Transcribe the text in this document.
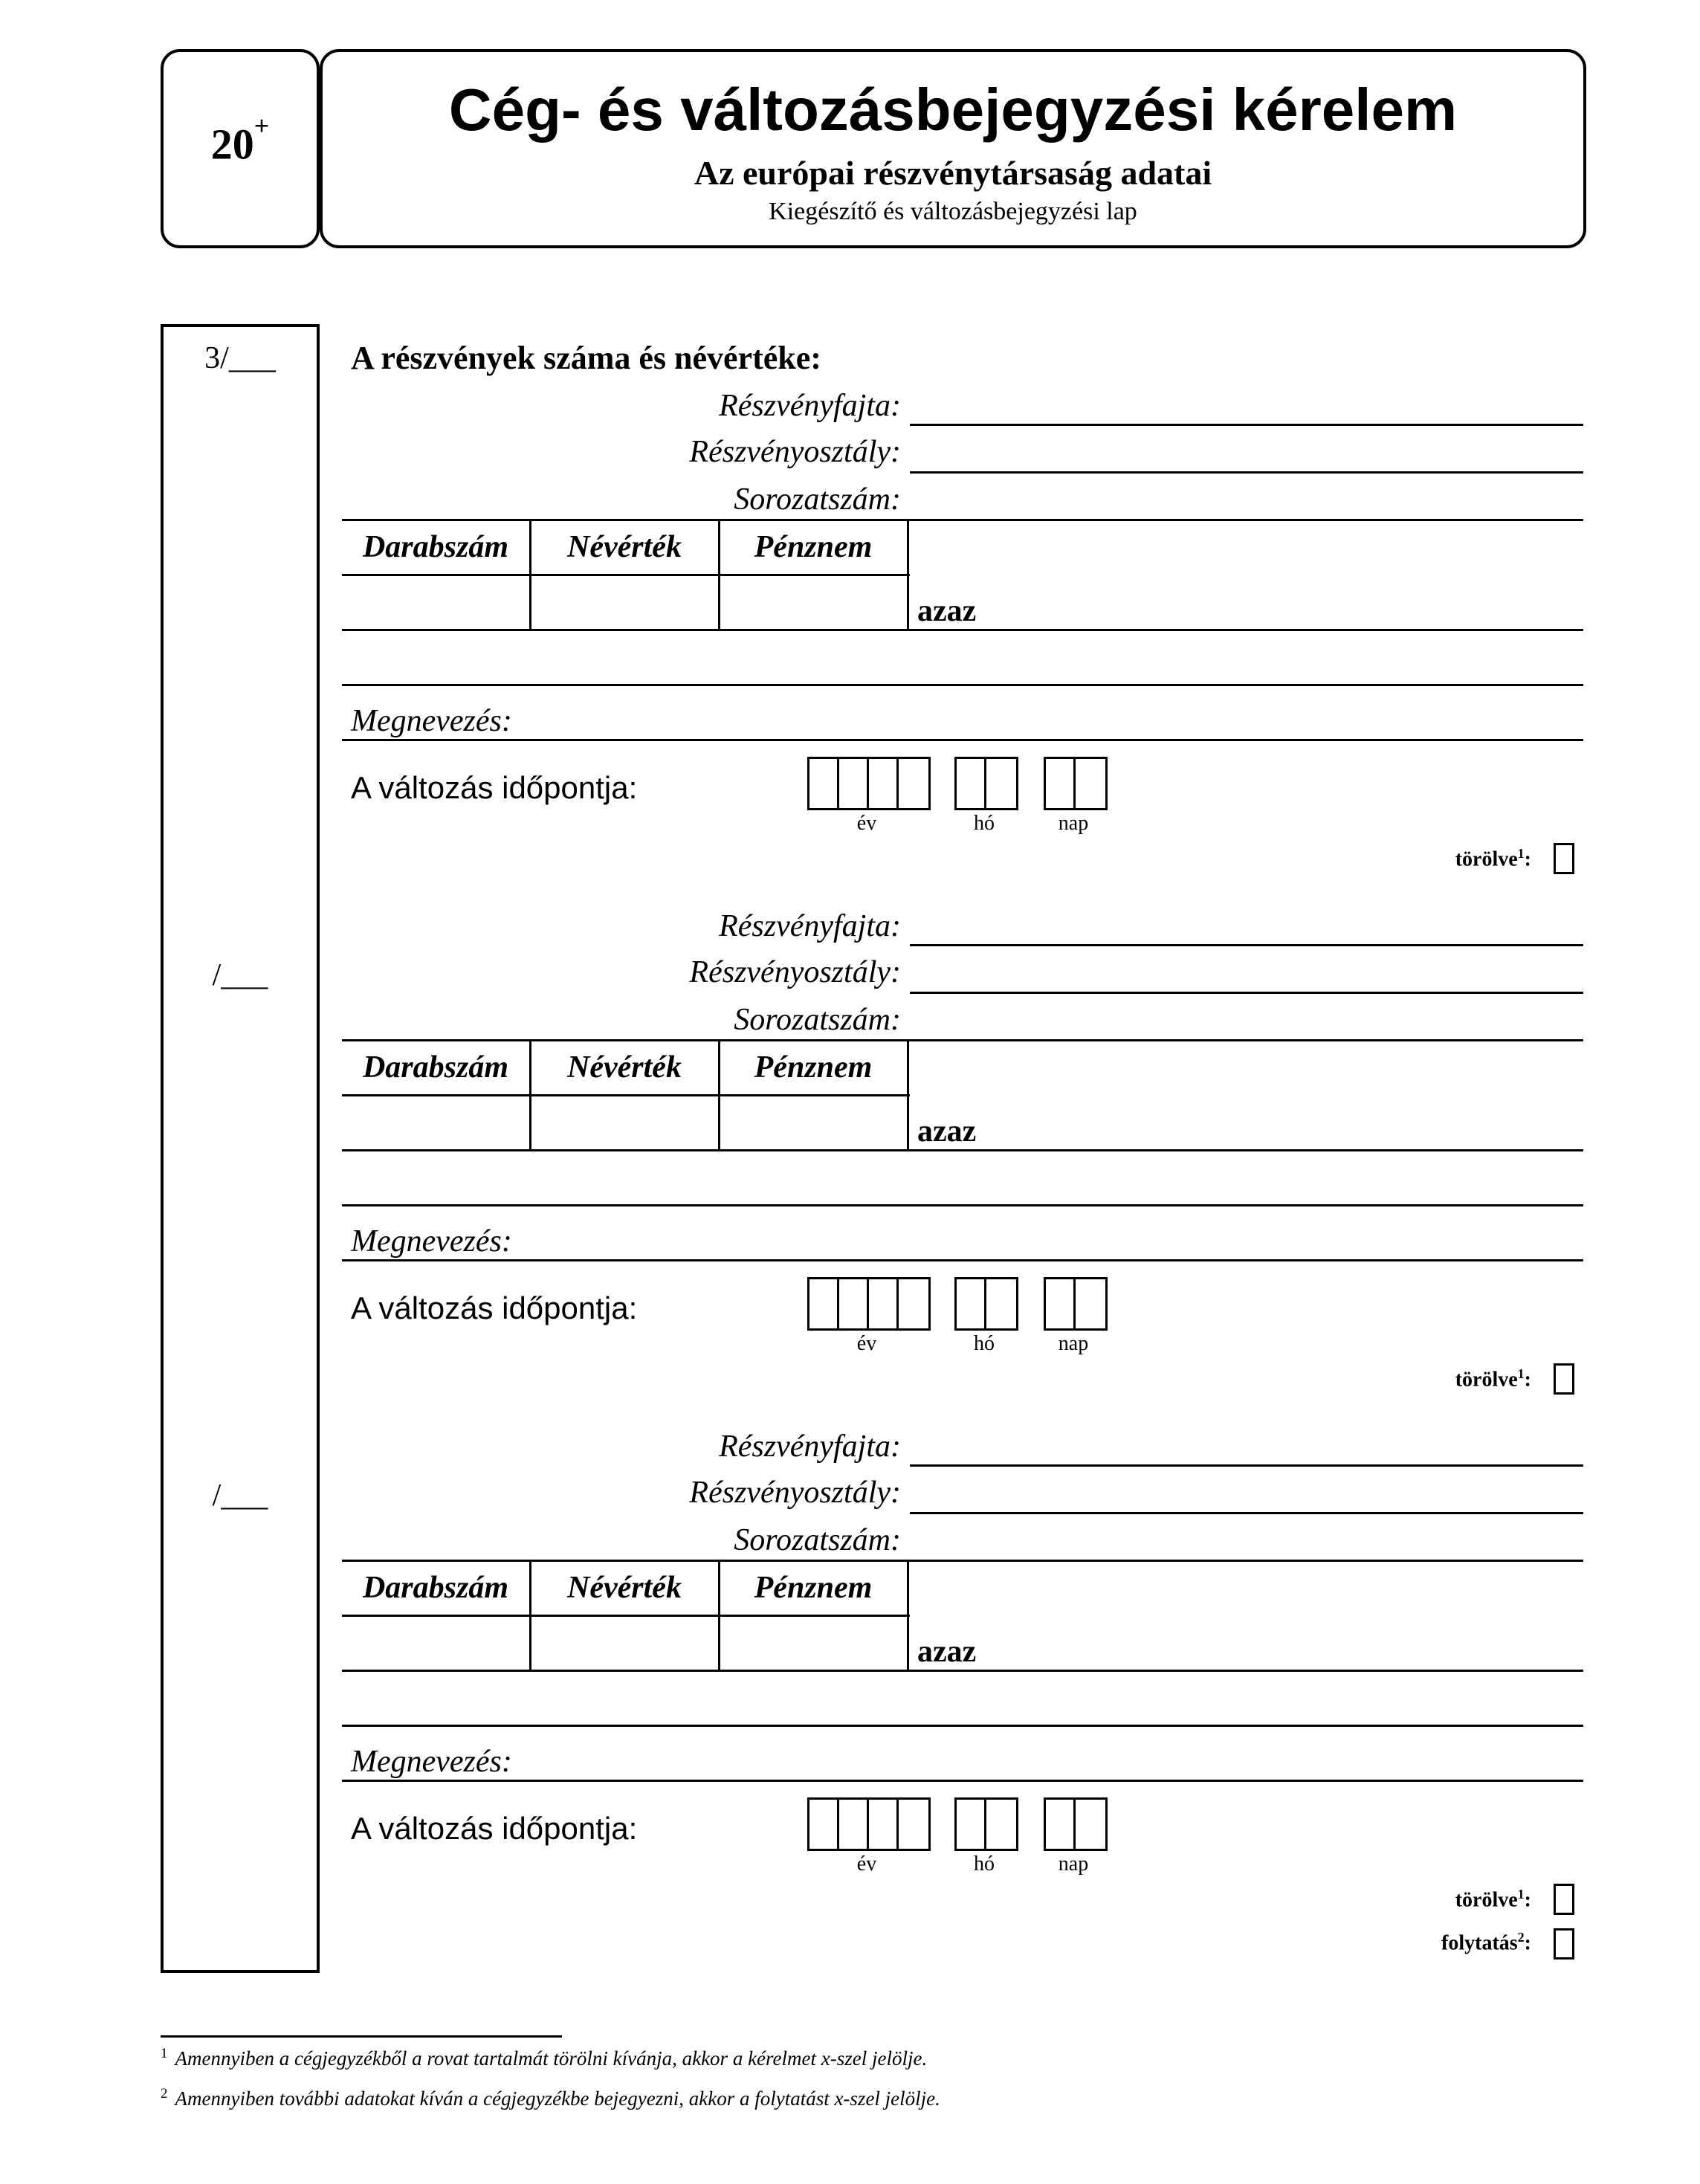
20+	Cég- és változásbejegyzési kérelem
Az európai részvénytársaság adatai
Kiegészítő és változásbejegyzési lap
3/___	A részvények száma és névértéke:
Részvényfajta:
Részvényosztály:
Sorozatszám:
Darabszám	Névérték	Pénznem
azaz
Megnevezés:
A változás időpontja:
év	hó	nap
törölve$^1$:
/___
Részvényfajta:
Részvényosztály:
Sorozatszám:
Darabszám	Névérték	Pénznem
azaz
Megnevezés:
A változás időpontja:
év	hó	nap
törölve$^1$:
/___
Részvényfajta:
Részvényosztály:
Sorozatszám:
Darabszám	Névérték	Pénznem
azaz
Megnevezés:
A változás időpontja:
év	hó	nap
törölve$^1$:
folytatás$^2$:
$^1$ Amennyiben a cégjegyzékből a rovat tartalmát törölni kívánja, akkor a kérelmet x-szel jelölje.
$^2$ Amennyiben további adatokat kíván a cégjegyzékbe bejegyezni, akkor a folytatást x-szel jelölje.
